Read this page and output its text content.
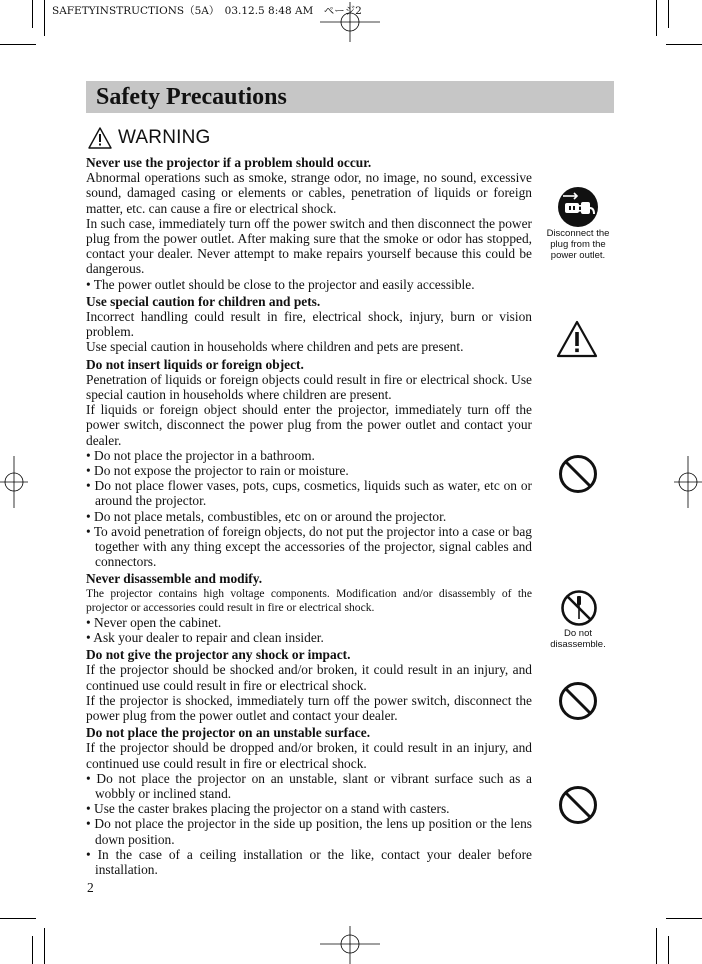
SAFETYINSTRUCTIONS（5A）　03.12.5 8:48 AM　ページ2
Safety Precautions
WARNING
Never use the projector if a problem should occur.

Abnormal operations such as smoke, strange odor, no image, no sound, excessive sound, damaged casing or elements or cables, penetration of liquids or foreign matter, etc. can cause a fire or electrical shock.

In such case, immediately turn off the power switch and then disconnect the power plug from the power outlet. After making sure that the smoke or odor has stopped, contact your dealer. Never attempt to make repairs yourself because this could be dangerous.

• The power outlet should be close to the projector and easily accessible.

Use special caution for children and pets.

Incorrect handling could result in fire, electrical shock, injury, burn or vision problem.

Use special caution in households where children and pets are present.

Do not insert liquids or foreign object.

Penetration of liquids or foreign objects could result in fire or electrical shock. Use special caution in households where children are present.

If liquids or foreign object should enter the projector, immediately turn off the power switch, disconnect the power plug from the power outlet and contact your dealer.

• Do not place the projector in a bathroom.

• Do not expose the projector to rain or moisture.

• Do not place flower vases, pots, cups, cosmetics, liquids such as water, etc on or around the projector.

• Do not place metals, combustibles, etc on or around the projector.

• To avoid penetration of foreign objects, do not put the projector into a case or bag together with any thing except the accessories of the projector, signal cables and connectors.

Never disassemble and modify.

The projector contains high voltage components. Modification and/or disassembly of the projector or accessories could result in fire or electrical shock.

• Never open the cabinet.

• Ask your dealer to repair and clean insider.

Do not give the projector any shock or impact.

If the projector should be shocked and/or broken, it could result in an injury, and continued use could result in fire or electrical shock.

If the projector is shocked, immediately turn off the power switch, disconnect the power plug from the power outlet and contact your dealer.

Do not place the projector on an unstable surface.

If the projector should be dropped and/or broken, it could result in an injury, and continued use could result in fire or electrical shock.

• Do not place the projector on an unstable, slant or vibrant surface such as a wobbly or inclined stand.

• Use the caster brakes placing the projector on a stand with casters.

• Do not place the projector in the side up position, the lens up position or the lens down position.

• In the case of a ceiling installation or the like, contact your dealer before installation.

Disconnect the plug from the power outlet.
Do not disassemble.
2
